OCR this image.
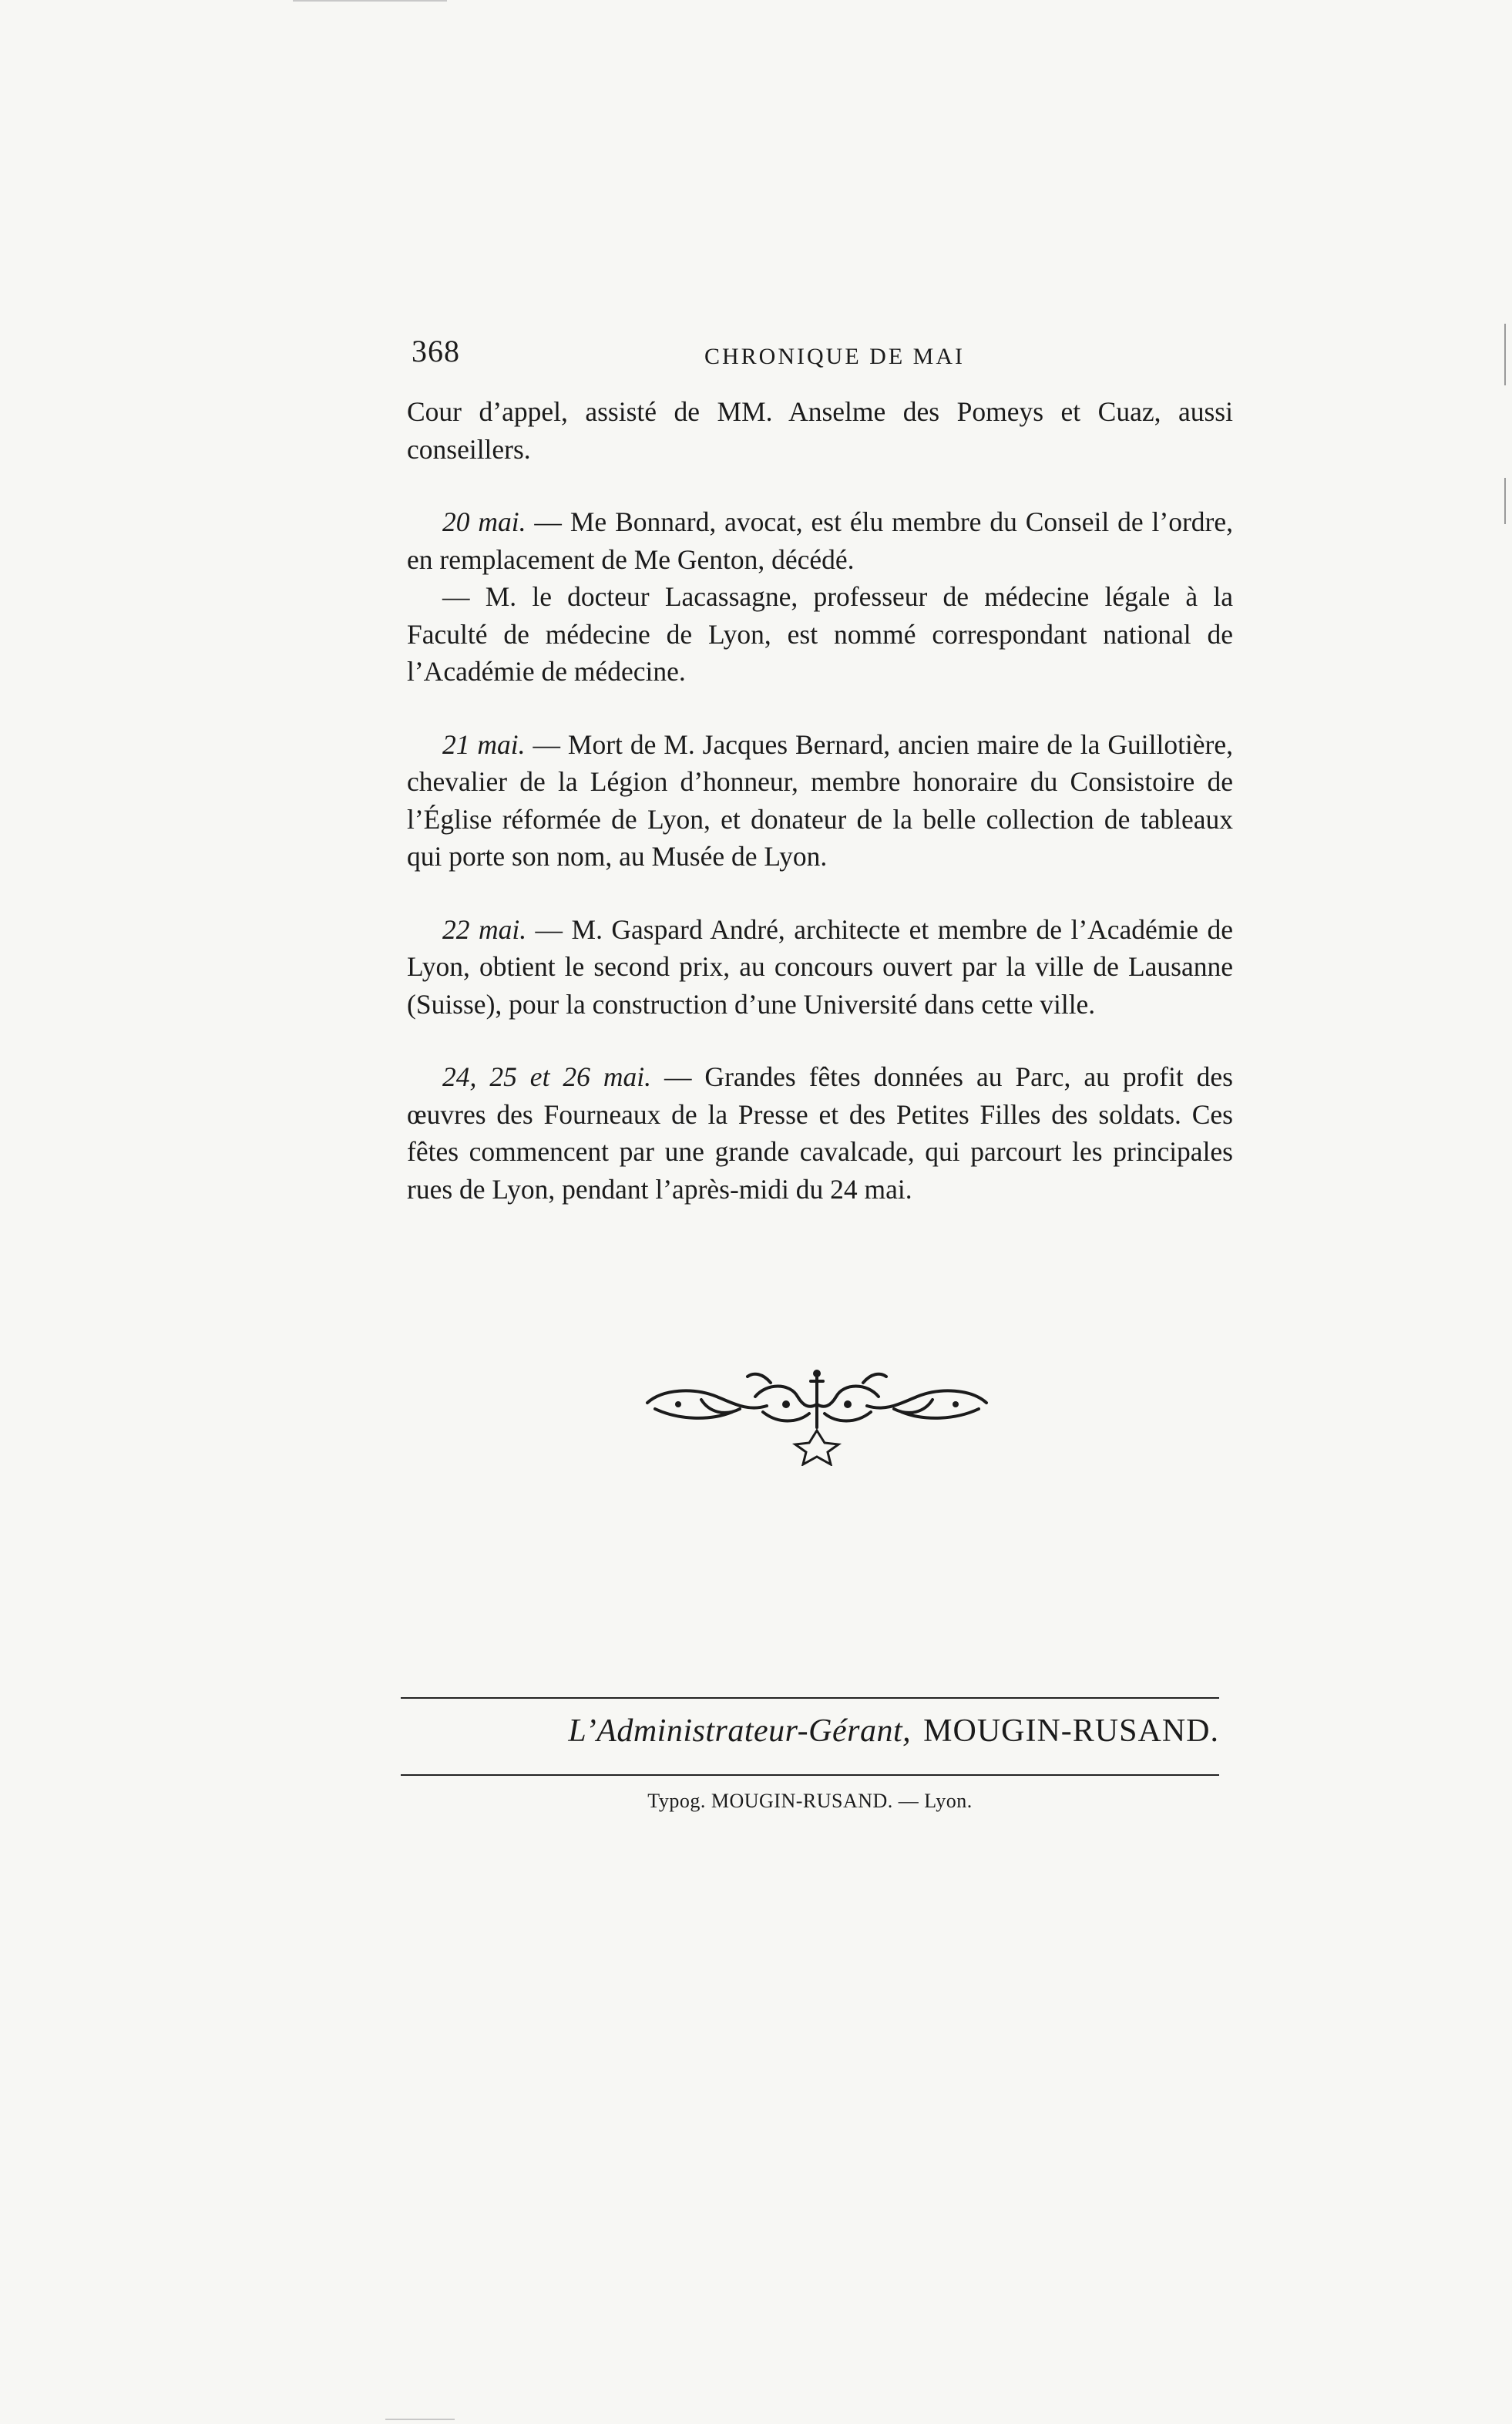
368	CHRONIQUE DE MAI

Cour d’appel, assisté de MM. Anselme des Pomeys et Cuaz, aussi conseillers.

20 mai. — Me Bonnard, avocat, est élu membre du Conseil de l’ordre, en remplacement de Me Genton, décédé.

— M. le docteur Lacassagne, professeur de médecine légale à la Faculté de médecine de Lyon, est nommé correspondant national de l’Académie de médecine.

21 mai. — Mort de M. Jacques Bernard, ancien maire de la Guillotière, chevalier de la Légion d’honneur, membre honoraire du Consistoire de l’Église réformée de Lyon, et donateur de la belle collection de tableaux qui porte son nom, au Musée de Lyon.

22 mai. — M. Gaspard André, architecte et membre de l’Académie de Lyon, obtient le second prix, au concours ouvert par la ville de Lausanne (Suisse), pour la construction d’une Université dans cette ville.

24, 25 et 26 mai. — Grandes fêtes données au Parc, au profit des œuvres des Fourneaux de la Presse et des Petites Filles des soldats. Ces fêtes commencent par une grande cavalcade, qui parcourt les principales rues de Lyon, pendant l’après-midi du 24 mai.

L’Administrateur-Gérant, MOUGIN-RUSAND.
Typog. MOUGIN-RUSAND. — Lyon.
